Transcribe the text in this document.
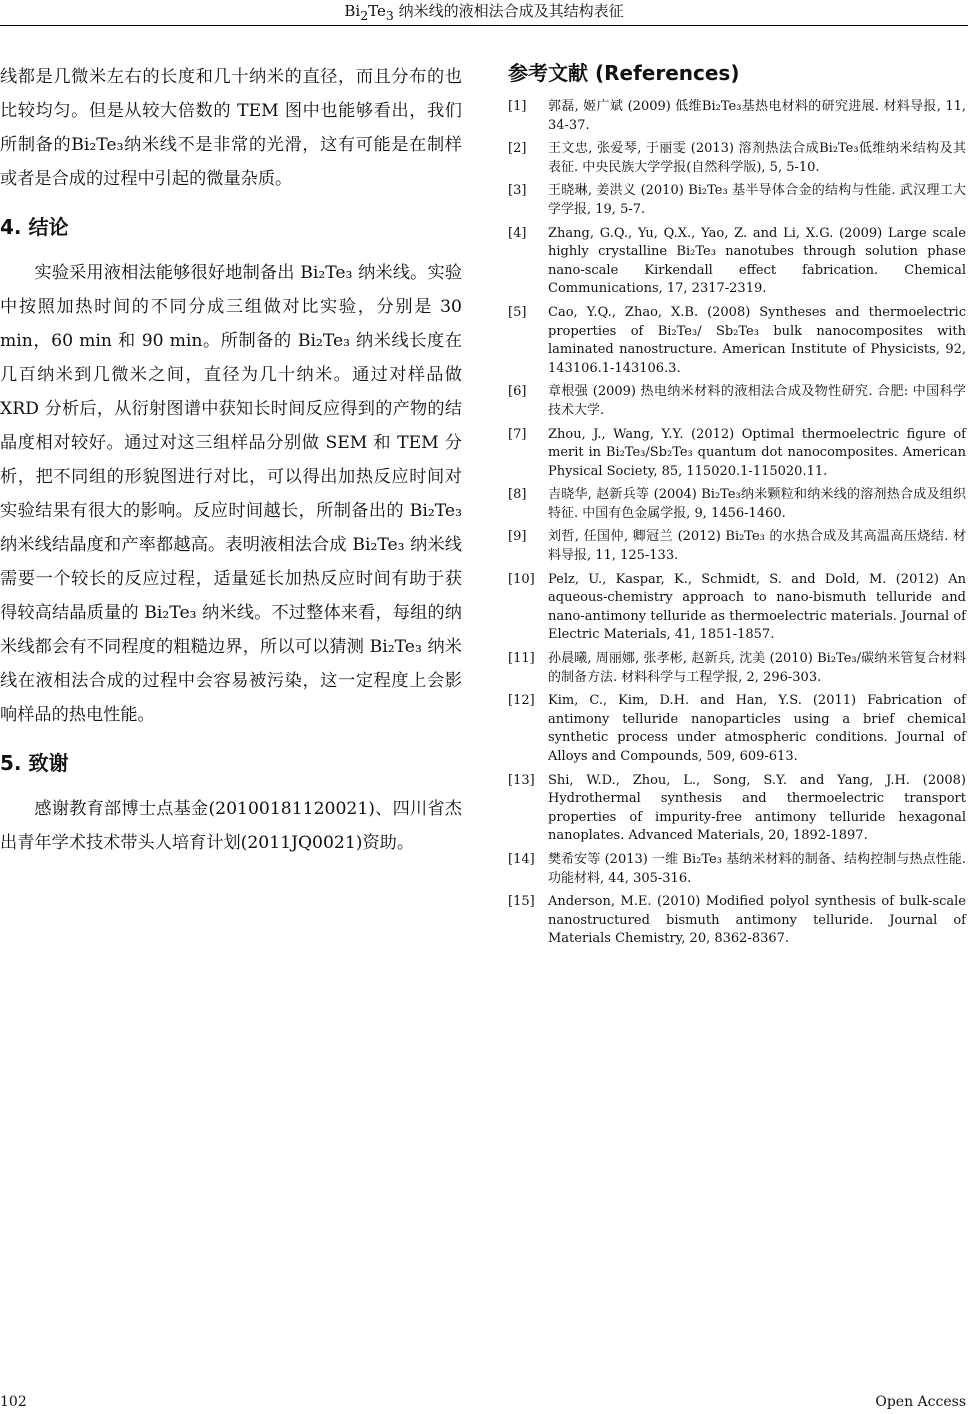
$Bi_2Te_3$ 纳米线的液相法合成及其结构表征

线都是几微米左右的长度和几十纳米的直径，而且分布的也比较均匀。但是从较大倍数的 TEM 图中也能够看出，我们所制备的Bi₂Te₃纳米线不是非常的光滑，这有可能是在制样或者是合成的过程中引起的微量杂质。

4. 结论

实验采用液相法能够很好地制备出 Bi₂Te₃ 纳米线。实验中按照加热时间的不同分成三组做对比实验，分别是 30 min，60 min 和 90 min。所制备的 Bi₂Te₃ 纳米线长度在几百纳米到几微米之间，直径为几十纳米。通过对样品做 XRD 分析后，从衍射图谱中获知长时间反应得到的产物的结晶度相对较好。通过对这三组样品分别做 SEM 和 TEM 分析，把不同组的形貌图进行对比，可以得出加热反应时间对实验结果有很大的影响。反应时间越长，所制备出的 Bi₂Te₃ 纳米线结晶度和产率都越高。表明液相法合成 Bi₂Te₃ 纳米线需要一个较长的反应过程，适量延长加热反应时间有助于获得较高结晶质量的 Bi₂Te₃ 纳米线。不过整体来看，每组的纳米线都会有不同程度的粗糙边界，所以可以猜测 Bi₂Te₃ 纳米线在液相法合成的过程中会容易被污染，这一定程度上会影响样品的热电性能。

5. 致谢

感谢教育部博士点基金(20100181120021)、四川省杰出青年学术技术带头人培育计划(2011JQ0021)资助。

参考文献 (References)
[1]	郭磊, 姬广斌 (2009) 低维Bi₂Te₃基热电材料的研究进展. 材料导报, 11, 34-37.
[2]	王文忠, 张爱琴, 于丽雯 (2013) 溶剂热法合成Bi₂Te₃低维纳米结构及其表征. 中央民族大学学报(自然科学版), 5, 5-10.
[3]	王晓琳, 姜洪义 (2010) Bi₂Te₃ 基半导体合金的结构与性能. 武汉理工大学学报, 19, 5-7.
[4]	Zhang, G.Q., Yu, Q.X., Yao, Z. and Li, X.G. (2009) Large scale highly crystalline Bi₂Te₃ nanotubes through solution phase nano-scale Kirkendall effect fabrication. Chemical Communications, 17, 2317-2319.
[5]	Cao, Y.Q., Zhao, X.B. (2008) Syntheses and thermoelectric properties of Bi₂Te₃/ Sb₂Te₃ bulk nanocomposites with laminated nanostructure. American Institute of Physicists, 92, 143106.1-143106.3.
[6]	章根强 (2009) 热电纳米材料的液相法合成及物性研究. 合肥: 中国科学技术大学.
[7]	Zhou, J., Wang, Y.Y. (2012) Optimal thermoelectric figure of merit in Bi₂Te₃/Sb₂Te₃ quantum dot nanocomposites. American Physical Society, 85, 115020.1-115020.11.
[8]	吉晓华, 赵新兵等 (2004) Bi₂Te₃纳米颗粒和纳米线的溶剂热合成及组织特征. 中国有色金属学报, 9, 1456-1460.
[9]	刘哲, 任国仲, 卿冠兰 (2012) Bi₂Te₃ 的水热合成及其高温高压烧结. 材料导报, 11, 125-133.
[10]	Pelz, U., Kaspar, K., Schmidt, S. and Dold, M. (2012) An aqueous-chemistry approach to nano-bismuth telluride and nano-antimony telluride as thermoelectric materials. Journal of Electric Materials, 41, 1851-1857.
[11]	孙晨曦, 周丽娜, 张孝彬, 赵新兵, 沈美 (2010) Bi₂Te₃/碳纳米管复合材料的制备方法. 材料科学与工程学报, 2, 296-303.
[12]	Kim, C., Kim, D.H. and Han, Y.S. (2011) Fabrication of antimony telluride nanoparticles using a brief chemical synthetic process under atmospheric conditions. Journal of Alloys and Compounds, 509, 609-613.
[13]	Shi, W.D., Zhou, L., Song, S.Y. and Yang, J.H. (2008) Hydrothermal synthesis and thermoelectric transport properties of impurity-free antimony telluride hexagonal nanoplates. Advanced Materials, 20, 1892-1897.
[14]	樊希安等 (2013) 一维 Bi₂Te₃ 基纳米材料的制备、结构控制与热点性能. 功能材料, 44, 305-316.
[15]	Anderson, M.E. (2010) Modified polyol synthesis of bulk-scale nanostructured bismuth antimony telluride. Journal of Materials Chemistry, 20, 8362-8367.
102	Open Access
